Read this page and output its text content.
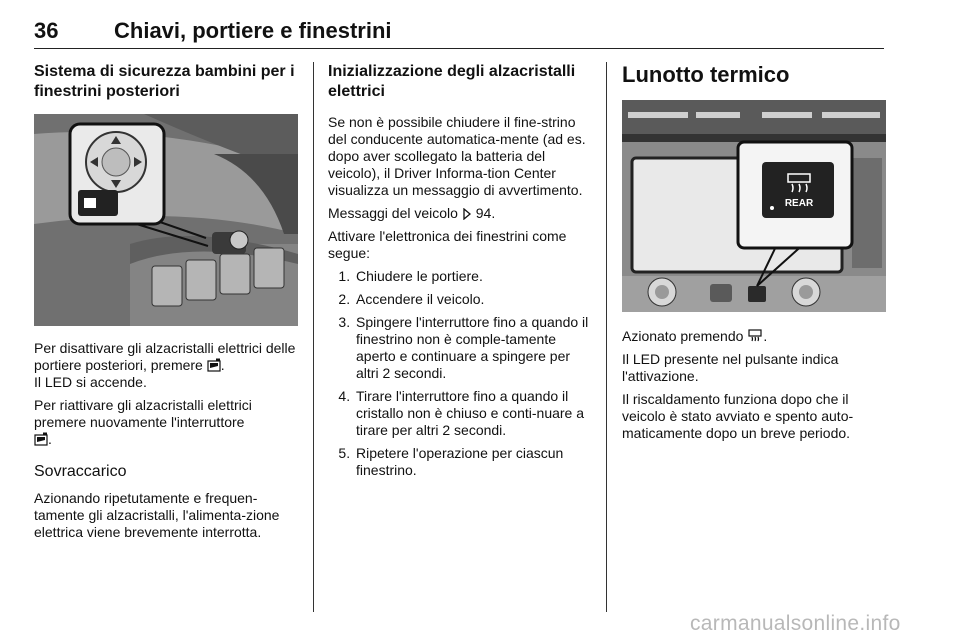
36	Chiavi, portiere e finestrini
Sistema di sicurezza bambini per i finestrini posteriori

Per disattivare gli alzacristalli elettrici delle portiere posteriori, premere .
Il LED si accende.

Per riattivare gli alzacristalli elettrici premere nuovamente l'interruttore
.

Sovraccarico

Azionando ripetutamente e frequen-tamente gli alzacristalli, l'alimenta-zione elettrica viene brevemente interrotta.

Inizializzazione degli alzacristalli elettrici

Se non è possibile chiudere il fine-strino del conducente automatica-mente (ad es. dopo aver scollegato la batteria del veicolo), il Driver Informa-tion Center visualizza un messaggio di avvertimento.

Messaggi del veicolo 94.

Attivare l'elettronica dei finestrini come segue:

1. Chiudere le portiere.
2. Accendere il veicolo.
3. Spingere l'interruttore fino a quando il finestrino non è comple-tamente aperto e continuare a spingere per altri 2 secondi.
4. Tirare l'interruttore fino a quando il cristallo non è chiuso e conti-nuare a tirare per altri 2 secondi.
5. Ripetere l'operazione per ciascun finestrino.
Lunotto termico
REAR

Azionato premendo .

Il LED presente nel pulsante indica l'attivazione.

Il riscaldamento funziona dopo che il veicolo è stato avviato e spento auto-maticamente dopo un breve periodo.

carmanualsonline.info
